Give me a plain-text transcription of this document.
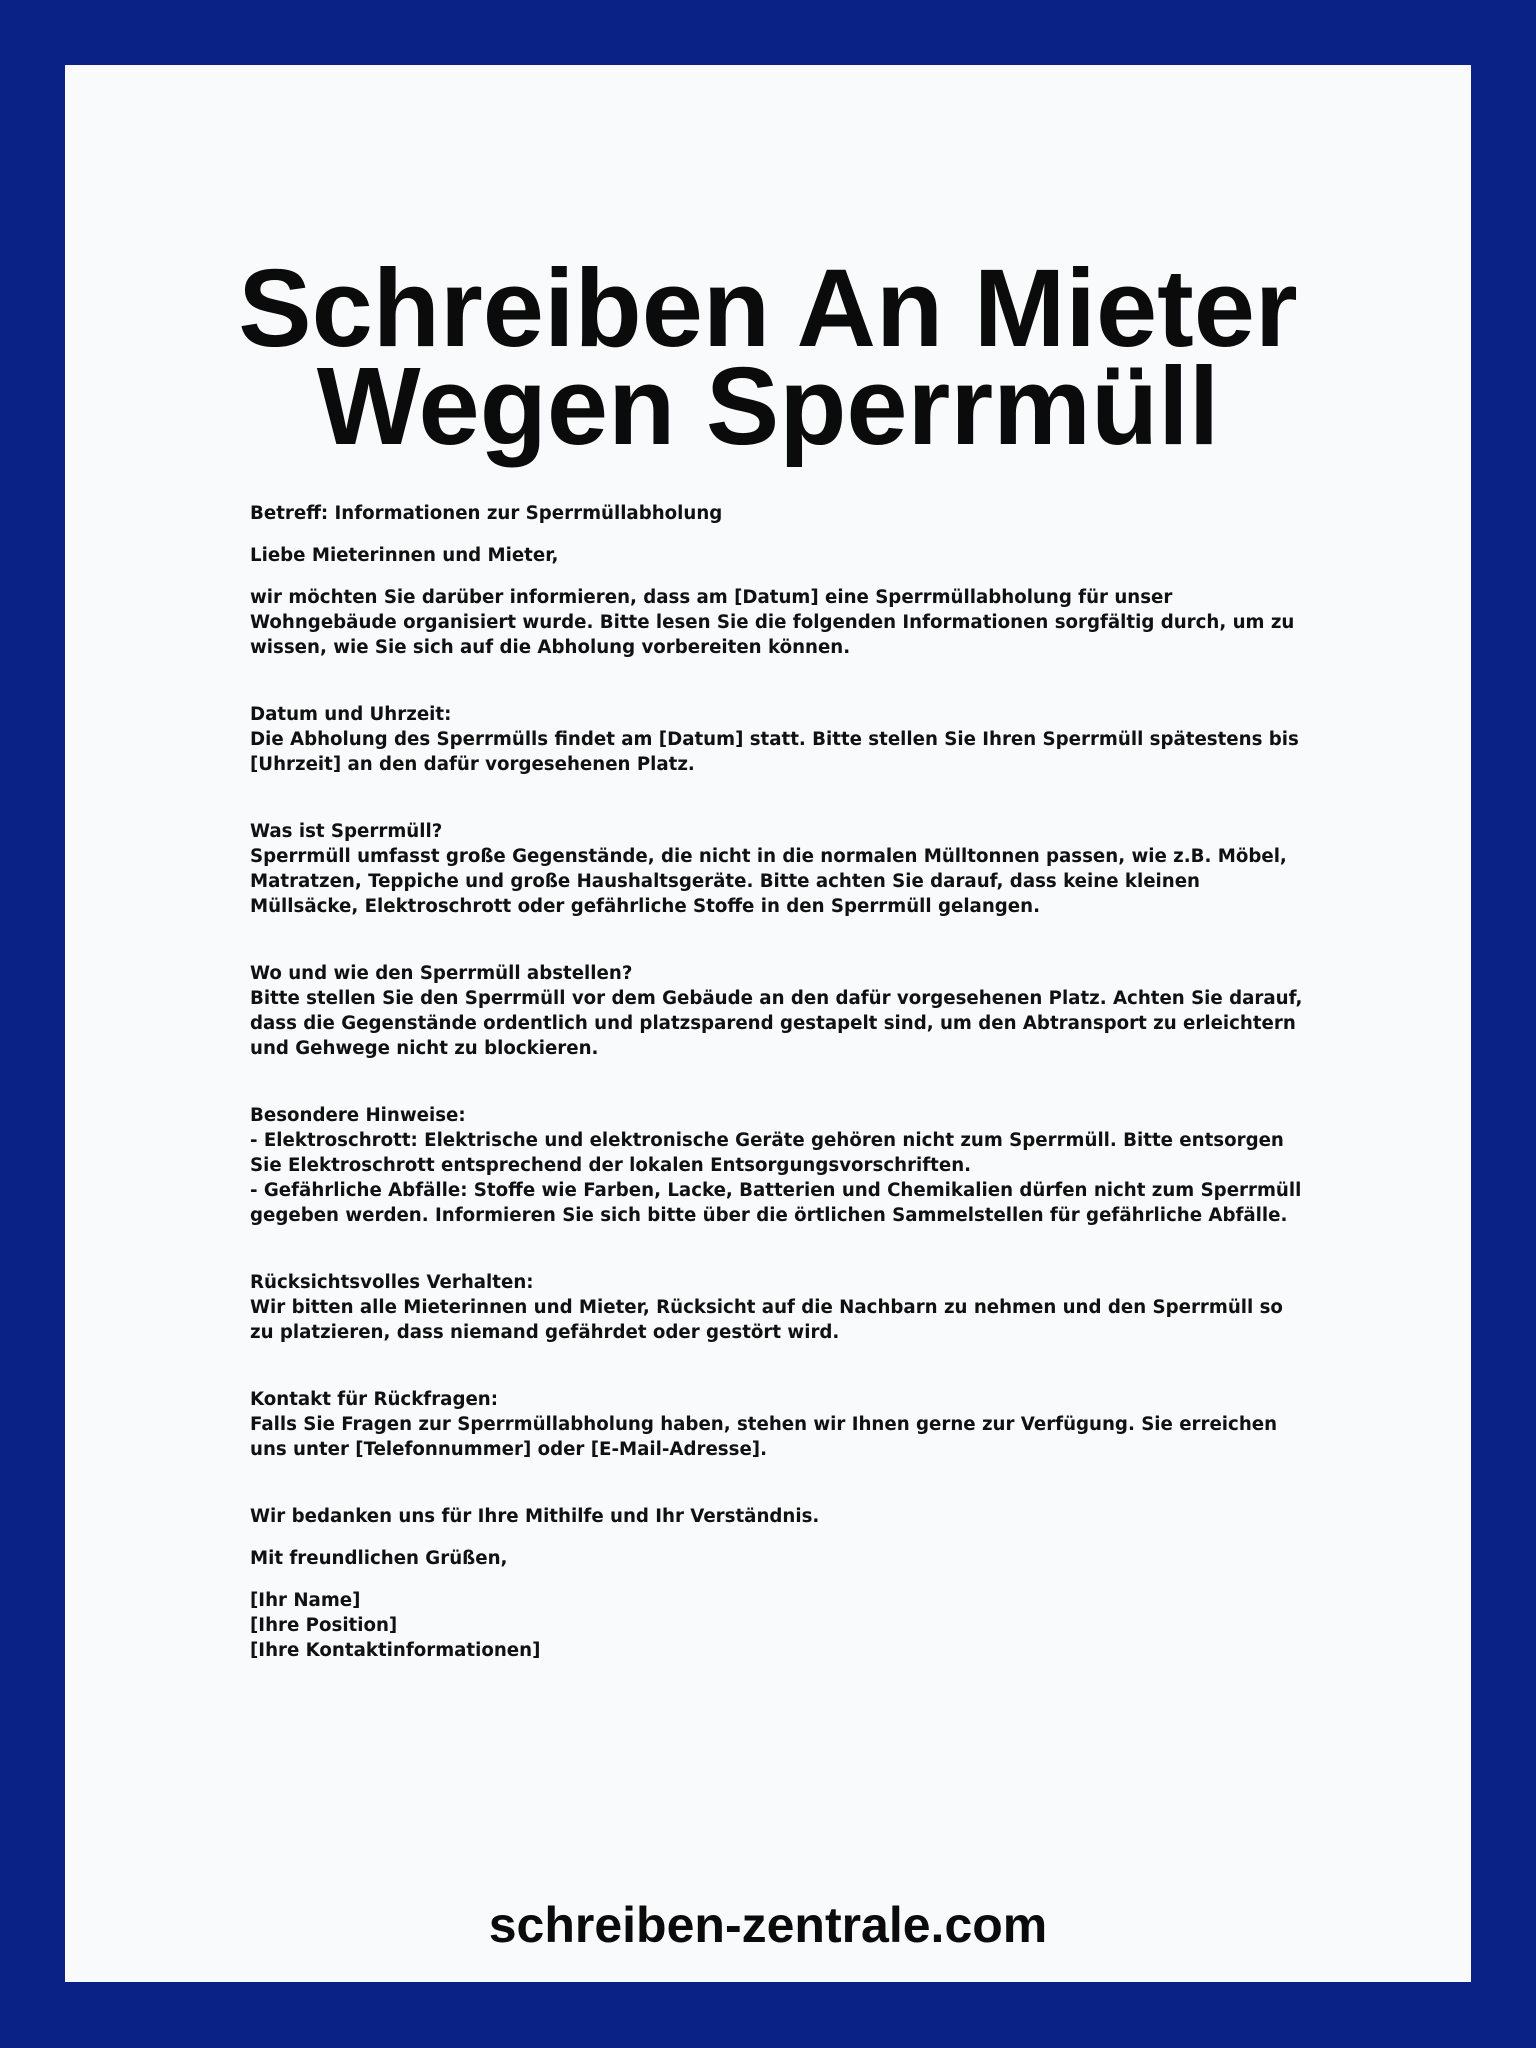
Schreiben An Mieter Wegen Sperrmüll

Betreff: Informationen zur Sperrmüllabholung

Liebe Mieterinnen und Mieter,

wir möchten Sie darüber informieren, dass am [Datum] eine Sperrmüllabholung für unser Wohngebäude organisiert wurde. Bitte lesen Sie die folgenden Informationen sorgfältig durch, um zu wissen, wie Sie sich auf die Abholung vorbereiten können.

Datum und Uhrzeit:

Die Abholung des Sperrmülls findet am [Datum] statt. Bitte stellen Sie Ihren Sperrmüll spätestens bis [Uhrzeit] an den dafür vorgesehenen Platz.

Was ist Sperrmüll?

Sperrmüll umfasst große Gegenstände, die nicht in die normalen Mülltonnen passen, wie z.B. Möbel, Matratzen, Teppiche und große Haushaltsgeräte. Bitte achten Sie darauf, dass keine kleinen Müllsäcke, Elektroschrott oder gefährliche Stoffe in den Sperrmüll gelangen.

Wo und wie den Sperrmüll abstellen?

Bitte stellen Sie den Sperrmüll vor dem Gebäude an den dafür vorgesehenen Platz. Achten Sie darauf, dass die Gegenstände ordentlich und platzsparend gestapelt sind, um den Abtransport zu erleichtern und Gehwege nicht zu blockieren.

Besondere Hinweise:

- Elektroschrott: Elektrische und elektronische Geräte gehören nicht zum Sperrmüll. Bitte entsorgen Sie Elektroschrott entsprechend der lokalen Entsorgungsvorschriften.

- Gefährliche Abfälle: Stoffe wie Farben, Lacke, Batterien und Chemikalien dürfen nicht zum Sperrmüll gegeben werden. Informieren Sie sich bitte über die örtlichen Sammelstellen für gefährliche Abfälle.

Rücksichtsvolles Verhalten:

Wir bitten alle Mieterinnen und Mieter, Rücksicht auf die Nachbarn zu nehmen und den Sperrmüll so zu platzieren, dass niemand gefährdet oder gestört wird.

Kontakt für Rückfragen:

Falls Sie Fragen zur Sperrmüllabholung haben, stehen wir Ihnen gerne zur Verfügung. Sie erreichen uns unter [Telefonnummer] oder [E-Mail-Adresse].

Wir bedanken uns für Ihre Mithilfe und Ihr Verständnis.

Mit freundlichen Grüßen,

[Ihr Name]

[Ihre Position]

[Ihre Kontaktinformationen]

schreiben-zentrale.com
